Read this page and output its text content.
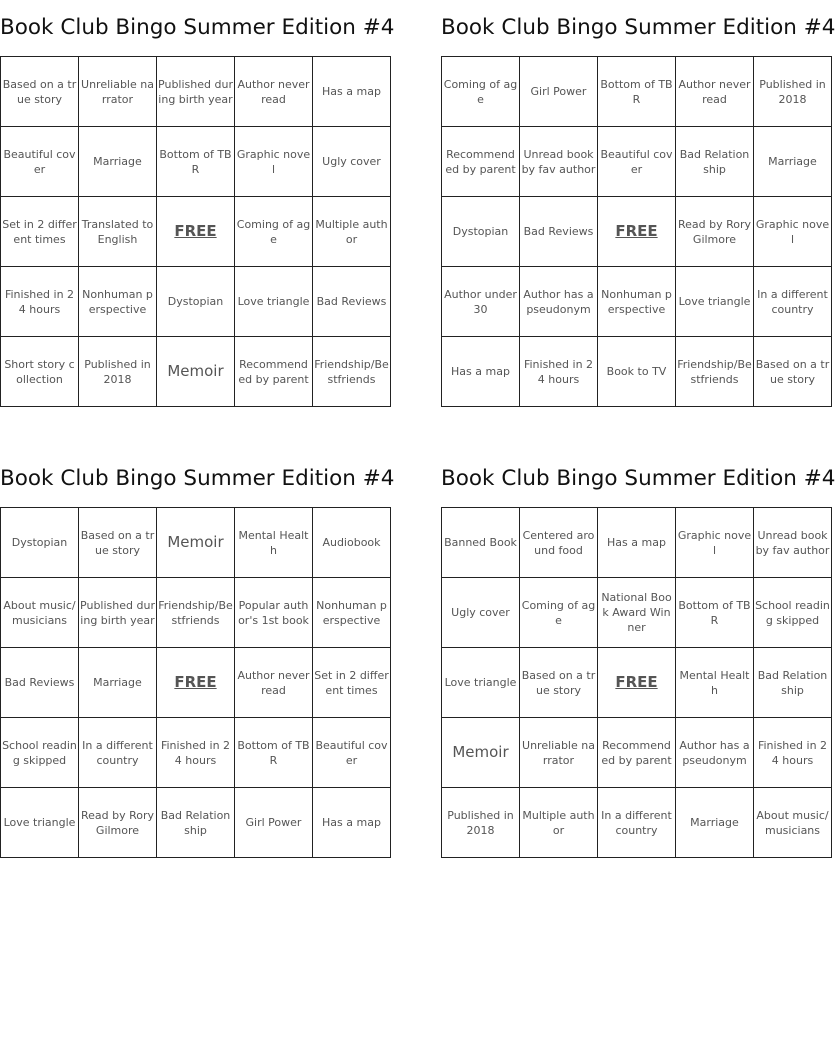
Book Club Bingo Summer Edition #4
Based on a true story	Unreliable narrator	Published during birth year	Author never read	Has a map
Beautiful cover	Marriage	Bottom of TBR	Graphic novel	Ugly cover
Set in 2 different times	Translated to English	FREE	Coming of age	Multiple author
Finished in 24 hours	Nonhuman perspective	Dystopian	Love triangle	Bad Reviews
Short story collection	Published in 2018	Memoir	Recommended by parent	Friendship/Bestfriends
Book Club Bingo Summer Edition #4
Coming of age	Girl Power	Bottom of TBR	Author never read	Published in 2018
Recommended by parent	Unread book by fav author	Beautiful cover	Bad Relationship	Marriage
Dystopian	Bad Reviews	FREE	Read by Rory Gilmore	Graphic novel
Author under 30	Author has a pseudonym	Nonhuman perspective	Love triangle	In a different country
Has a map	Finished in 24 hours	Book to TV	Friendship/Bestfriends	Based on a true story
Book Club Bingo Summer Edition #4
Dystopian	Based on a true story	Memoir	Mental Health	Audiobook
About music/musicians	Published during birth year	Friendship/Bestfriends	Popular author's 1st book	Nonhuman perspective
Bad Reviews	Marriage	FREE	Author never read	Set in 2 different times
School reading skipped	In a different country	Finished in 24 hours	Bottom of TBR	Beautiful cover
Love triangle	Read by Rory Gilmore	Bad Relationship	Girl Power	Has a map
Book Club Bingo Summer Edition #4
Banned Book	Centered around food	Has a map	Graphic novel	Unread book by fav author
Ugly cover	Coming of age	National Book Award Winner	Bottom of TBR	School reading skipped
Love triangle	Based on a true story	FREE	Mental Health	Bad Relationship
Memoir	Unreliable narrator	Recommended by parent	Author has a pseudonym	Finished in 24 hours
Published in 2018	Multiple author	In a different country	Marriage	About music/musicians
